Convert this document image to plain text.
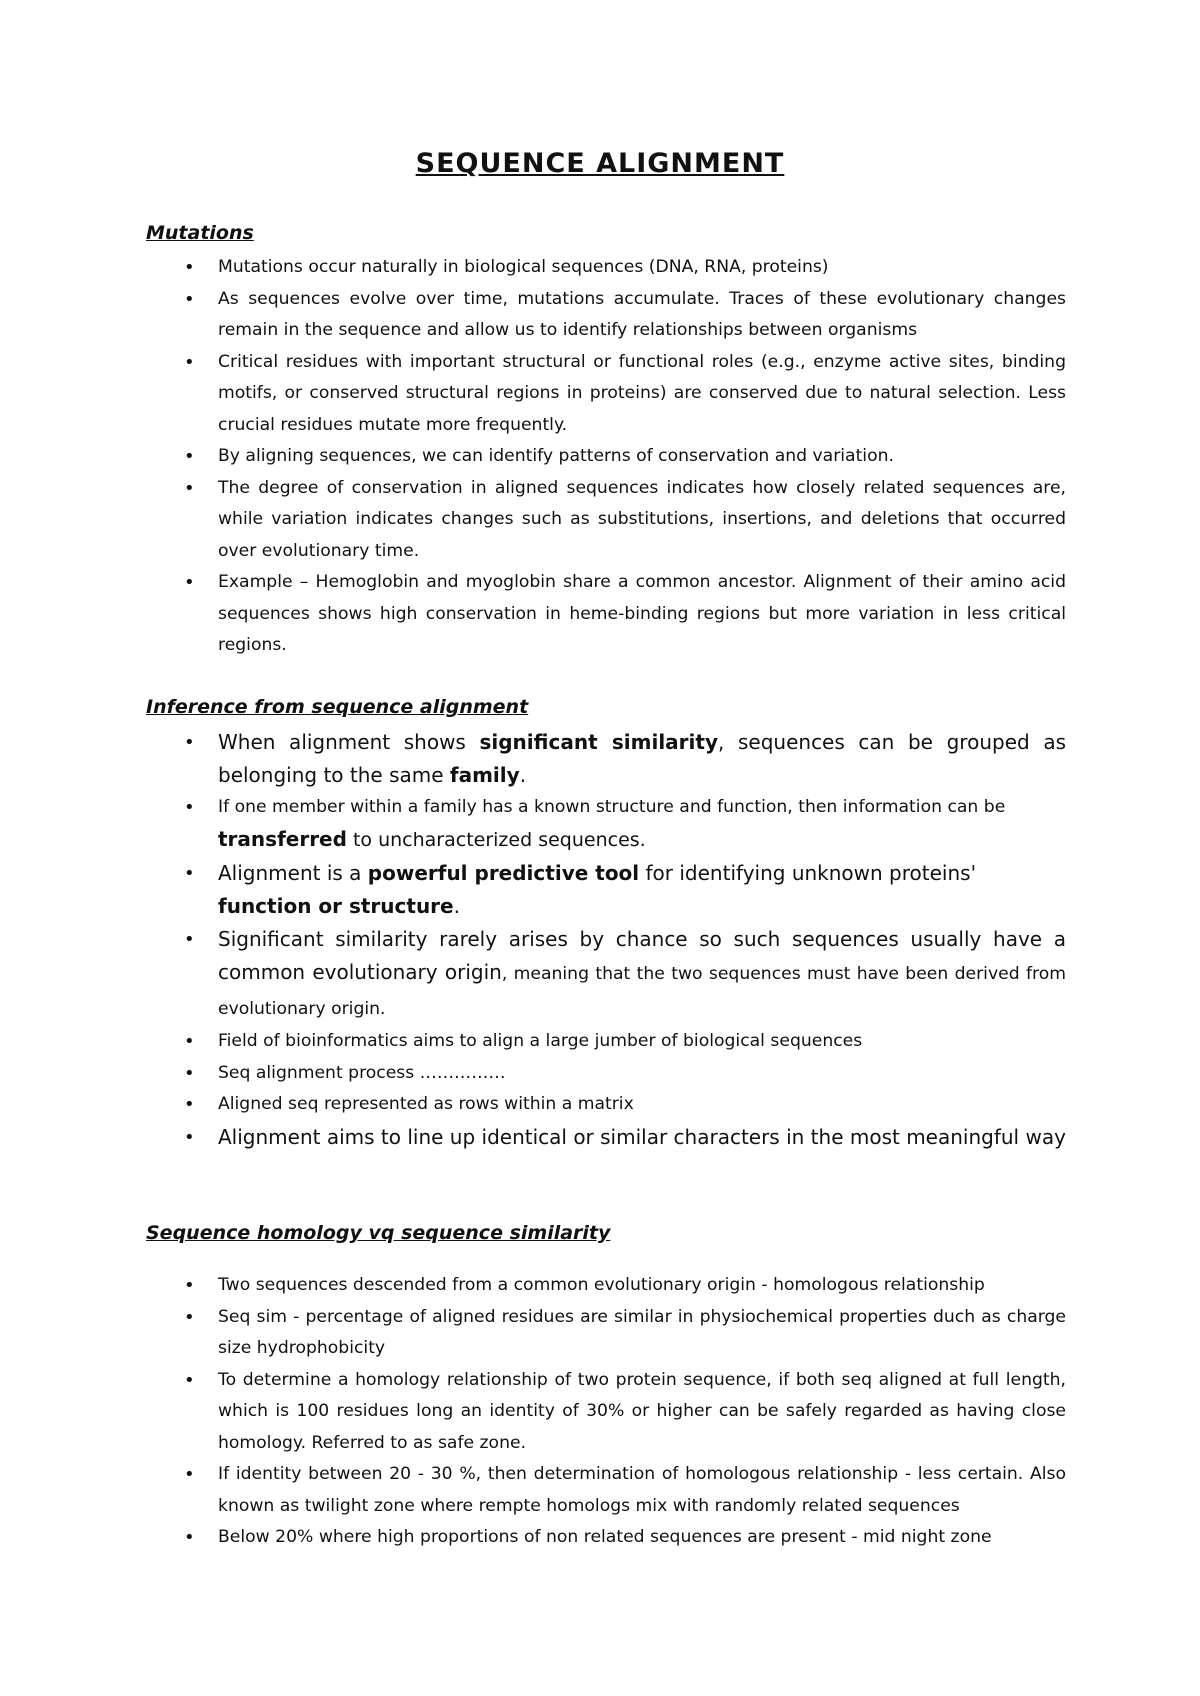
SEQUENCE ALIGNMENT
Mutations
• Mutations occur naturally in biological sequences (DNA, RNA, proteins)
• As sequences evolve over time, mutations accumulate. Traces of these evolutionary changes remain in the sequence and allow us to identify relationships between organisms
• Critical residues with important structural or functional roles (e.g., enzyme active sites, binding motifs, or conserved structural regions in proteins) are conserved due to natural selection. Less crucial residues mutate more frequently.
• By aligning sequences, we can identify patterns of conservation and variation.
• The degree of conservation in aligned sequences indicates how closely related sequences are, while variation indicates changes such as substitutions, insertions, and deletions that occurred over evolutionary time.
• Example – Hemoglobin and myoglobin share a common ancestor. Alignment of their amino acid sequences shows high conservation in heme-binding regions but more variation in less critical regions.
Inference from sequence alignment
• When alignment shows significant similarity, sequences can be grouped as belonging to the same family.
• If one member within a family has a known structure and function, then information can be transferred to uncharacterized sequences.
• Alignment is a powerful predictive tool for identifying unknown proteins' function or structure.
• Significant similarity rarely arises by chance so such sequences usually have a common evolutionary origin, meaning that the two sequences must have been derived from evolutionary origin.
• Field of bioinformatics aims to align a large jumber of biological sequences
• Seq alignment process ……………
• Aligned seq represented as rows within a matrix
• Alignment aims to line up identical or similar characters in the most meaningful way
Sequence homology vq sequence similarity
• Two sequences descended from a common evolutionary origin - homologous relationship
• Seq sim - percentage of aligned residues are similar in physiochemical properties duch as charge size hydrophobicity
• To determine a homology relationship of two protein sequence, if both seq aligned at full length, which is 100 residues long an identity of 30% or higher can be safely regarded as having close homology. Referred to as safe zone.
• If identity between 20 - 30 %, then determination of homologous relationship - less certain. Also known as twilight zone where rempte homologs mix with randomly related sequences
• Below 20% where high proportions of non related sequences are present - mid night zone
